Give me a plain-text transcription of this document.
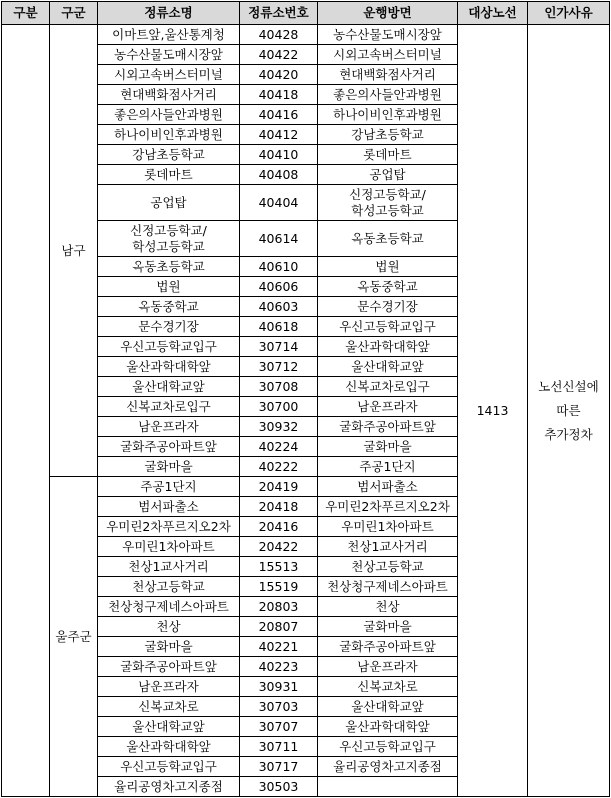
구분	구군	정류소명	정류소번호	운행방면	대상노선	인가사유

	남구	이마트앞,울산통계청	40428	농수산물도매시장앞	1413	노선신설에
따른
추가정차

		농수산물도매시장앞	40422	시외고속버스터미널		

		시외고속버스터미널	40420	현대백화점사거리		

		현대백화점사거리	40418	좋은의사들안과병원		

		좋은의사들안과병원	40416	하나이비인후과병원		

		하나이비인후과병원	40412	강남초등학교		

		강남초등학교	40410	롯데마트		

		롯데마트	40408	공업탑		

		공업탑	40404	신정고등학교/
학성고등학교		

		신정고등학교/
학성고등학교	40614	옥동초등학교		

		옥동초등학교	40610	법원		

		법원	40606	옥동중학교		

		옥동중학교	40603	문수경기장		

		문수경기장	40618	우신고등학교입구		

		우신고등학교입구	30714	울산과학대학앞		

		울산과학대학앞	30712	울산대학교앞		

		울산대학교앞	30708	신복교차로입구		

		신복교차로입구	30700	남운프라자		

		남운프라자	30932	굴화주공아파트앞		

		굴화주공아파트앞	40224	굴화마을		

		굴화마을	40222	주공1단지		

	울주군	주공1단지	20419	범서파출소		

		범서파출소	20418	우미린2차푸르지오2차		

		우미린2차푸르지오2차	20416	우미린1차아파트		

		우미린1차아파트	20422	천상1교사거리		

		천상1교사거리	15513	천상고등학교		

		천상고등학교	15519	천상청구제네스아파트		

		천상청구제네스아파트	20803	천상		

		천상	20807	굴화마을		

		굴화마을	40221	굴화주공아파트앞		

		굴화주공아파트앞	40223	남운프라자		

		남운프라자	30931	신복교차로		

		신복교차로	30703	울산대학교앞		

		울산대학교앞	30707	울산과학대학앞		

		울산과학대학앞	30711	우신고등학교입구		

		우신고등학교입구	30717	율리공영차고지종점		

		율리공영차고지종점	30503			
